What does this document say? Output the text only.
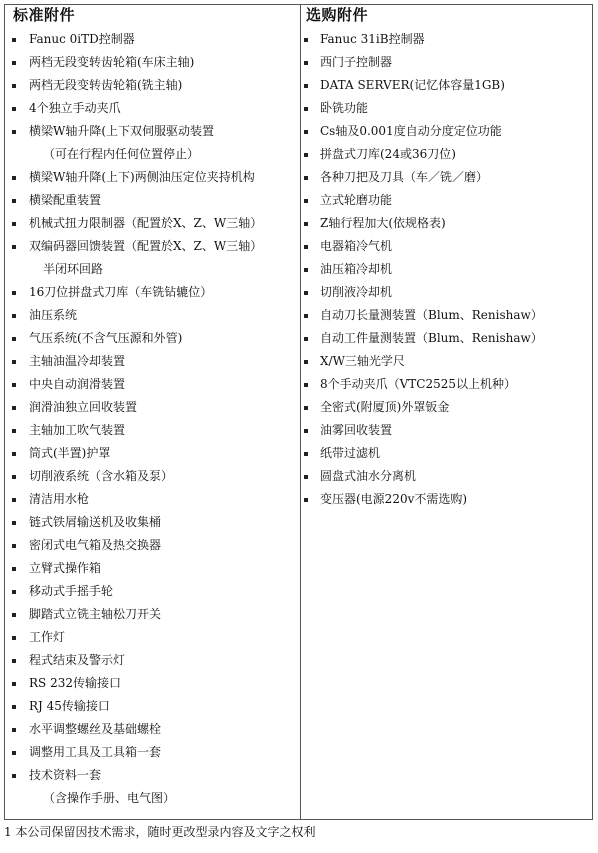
标准附件
Fanuc 0iTD控制器
两档无段变转齿轮箱(车床主轴)
两档无段变转齿轮箱(铣主轴)
4个独立手动夹爪
横梁W轴升降(上下双伺服驱动装置
（可在行程内任何位置停止）
横梁W轴升降(上下)两侧油压定位夹持机构
横梁配重装置
机械式扭力限制器（配置於X、Z、W三轴）
双编码器回馈装置（配置於X、Z、W三轴）
半闭环回路
16刀位拼盘式刀库（车铣钻辘位）
油压系统
气压系统(不含气压源和外管)
主轴油温冷却装置
中央自动润滑装置
润滑油独立回收装置
主轴加工吹气装置
筒式(半置)护罩
切削液系统（含水箱及泵）
清洁用水枪
链式铁屑输送机及收集桶
密闭式电气箱及热交换器
立臂式操作箱
移动式手摇手轮
脚踏式立铣主轴松刀开关
工作灯
程式结束及警示灯
RS 232传输接口
RJ 45传输接口
水平调整螺丝及基础螺栓
调整用工具及工具箱一套
技术资料一套
（含操作手册、电气图）
选购附件
Fanuc 31iB控制器
西门子控制器
DATA SERVER(记忆体容量1GB)
卧铣功能
Cs轴及0.001度自动分度定位功能
拼盘式刀库(24或36刀位)
各种刀把及刀具（车／铣／磨）
立式轮磨功能
Z轴行程加大(依规格表)
电器箱冷气机
油压箱冷却机
切削液冷却机
自动刀长量测装置（Blum、Renishaw）
自动工件量测装置（Blum、Renishaw）
X/W三轴光学尺
8个手动夹爪（VTC2525以上机种）
全密式(附厦顶)外罩钣金
油雾回收装置
纸带过滤机
圆盘式油水分离机
变压器(电源220v不需选购)
1 本公司保留因技术需求，随时更改型录内容及文字之权利
